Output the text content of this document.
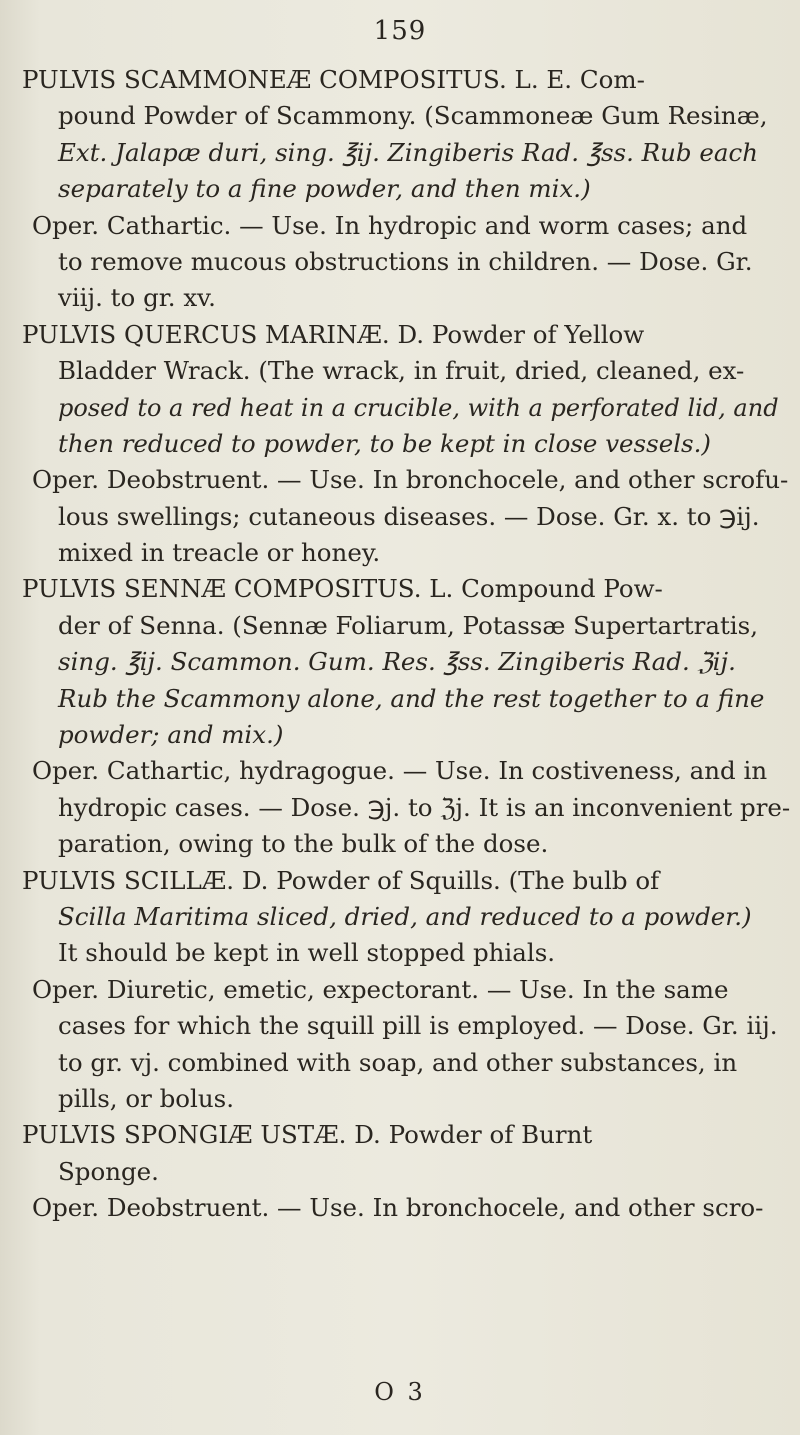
159
PULVIS SCAMMONEÆ COMPOSITUS. L. E. Com-
pound Powder of Scammony. (Scammoneæ Gum Resinæ,
Ext. Jalapæ duri, sing. ℥ij. Zingiberis Rad. ℥ss. Rub each
separately to a fine powder, and then mix.)
Oper. Cathartic. — Use. In hydropic and worm cases; and
to remove mucous obstructions in children. — Dose. Gr.
viij. to gr. xv.
PULVIS QUERCUS MARINÆ. D. Powder of Yellow
Bladder Wrack. (The wrack, in fruit, dried, cleaned, ex-
posed to a red heat in a crucible, with a perforated lid, and
then reduced to powder, to be kept in close vessels.)
Oper. Deobstruent. — Use. In bronchocele, and other scrofu-
lous swellings; cutaneous diseases. — Dose. Gr. x. to ℈ij.
mixed in treacle or honey.
PULVIS SENNÆ COMPOSITUS. L. Compound Pow-
der of Senna. (Sennæ Foliarum, Potassæ Supertartratis,
sing. ℥ij. Scammon. Gum. Res. ℥ss. Zingiberis Rad. ℨij.
Rub the Scammony alone, and the rest together to a fine
powder; and mix.)
Oper. Cathartic, hydragogue. — Use. In costiveness, and in
hydropic cases. — Dose. ℈j. to ℨj. It is an inconvenient pre-
paration, owing to the bulk of the dose.
PULVIS SCILLÆ. D. Powder of Squills. (The bulb of
Scilla Maritima sliced, dried, and reduced to a powder.)
It should be kept in well stopped phials.
Oper. Diuretic, emetic, expectorant. — Use. In the same
cases for which the squill pill is employed. — Dose. Gr. iij.
to gr. vj. combined with soap, and other substances, in
pills, or bolus.
PULVIS SPONGIÆ USTÆ. D. Powder of Burnt
Sponge.
Oper. Deobstruent. — Use. In bronchocele, and other scro-
O 3
